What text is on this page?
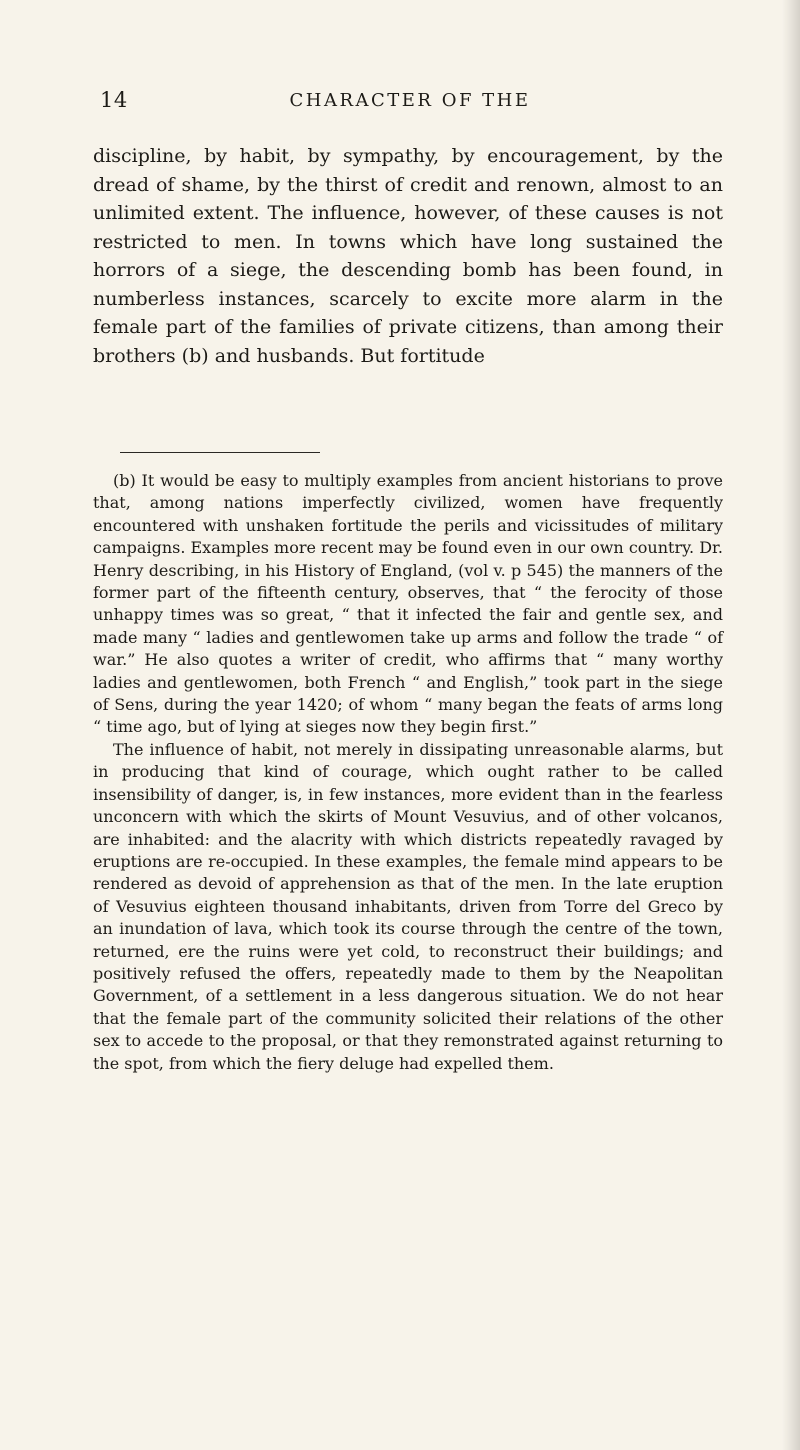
14	CHARACTER OF THE

discipline, by habit, by sympathy, by encouragement, by the dread of shame, by the thirst of credit and renown, almost to an unlimited extent. The influence, however, of these causes is not restricted to men. In towns which have long sustained the horrors of a siege, the descending bomb has been found, in numberless instances, scarcely to excite more alarm in the female part of the families of private citizens, than among their brothers (b) and husbands. But fortitude

(b) It would be easy to multiply examples from ancient historians to prove that, among nations imperfectly civilized, women have frequently encountered with unshaken fortitude the perils and vicissitudes of military campaigns. Examples more recent may be found even in our own country. Dr. Henry describing, in his History of England, (vol v. p 545) the manners of the former part of the fifteenth century, observes, that “ the ferocity of those unhappy times was so great, “ that it infected the fair and gentle sex, and made many “ ladies and gentlewomen take up arms and follow the trade “ of war.” He also quotes a writer of credit, who affirms that “ many worthy ladies and gentlewomen, both French “ and English,” took part in the siege of Sens, during the year 1420; of whom “ many began the feats of arms long “ time ago, but of lying at sieges now they begin first.”

The influence of habit, not merely in dissipating unreasonable alarms, but in producing that kind of courage, which ought rather to be called insensibility of danger, is, in few instances, more evident than in the fearless unconcern with which the skirts of Mount Vesuvius, and of other volcanos, are inhabited: and the alacrity with which districts repeatedly ravaged by eruptions are re-occupied. In these examples, the female mind appears to be rendered as devoid of apprehension as that of the men. In the late eruption of Vesuvius eighteen thousand inhabitants, driven from Torre del Greco by an inundation of lava, which took its course through the centre of the town, returned, ere the ruins were yet cold, to reconstruct their buildings; and positively refused the offers, repeatedly made to them by the Neapolitan Government, of a settlement in a less dangerous situation. We do not hear that the female part of the community solicited their relations of the other sex to accede to the proposal, or that they remonstrated against returning to the spot, from which the fiery deluge had expelled them.
